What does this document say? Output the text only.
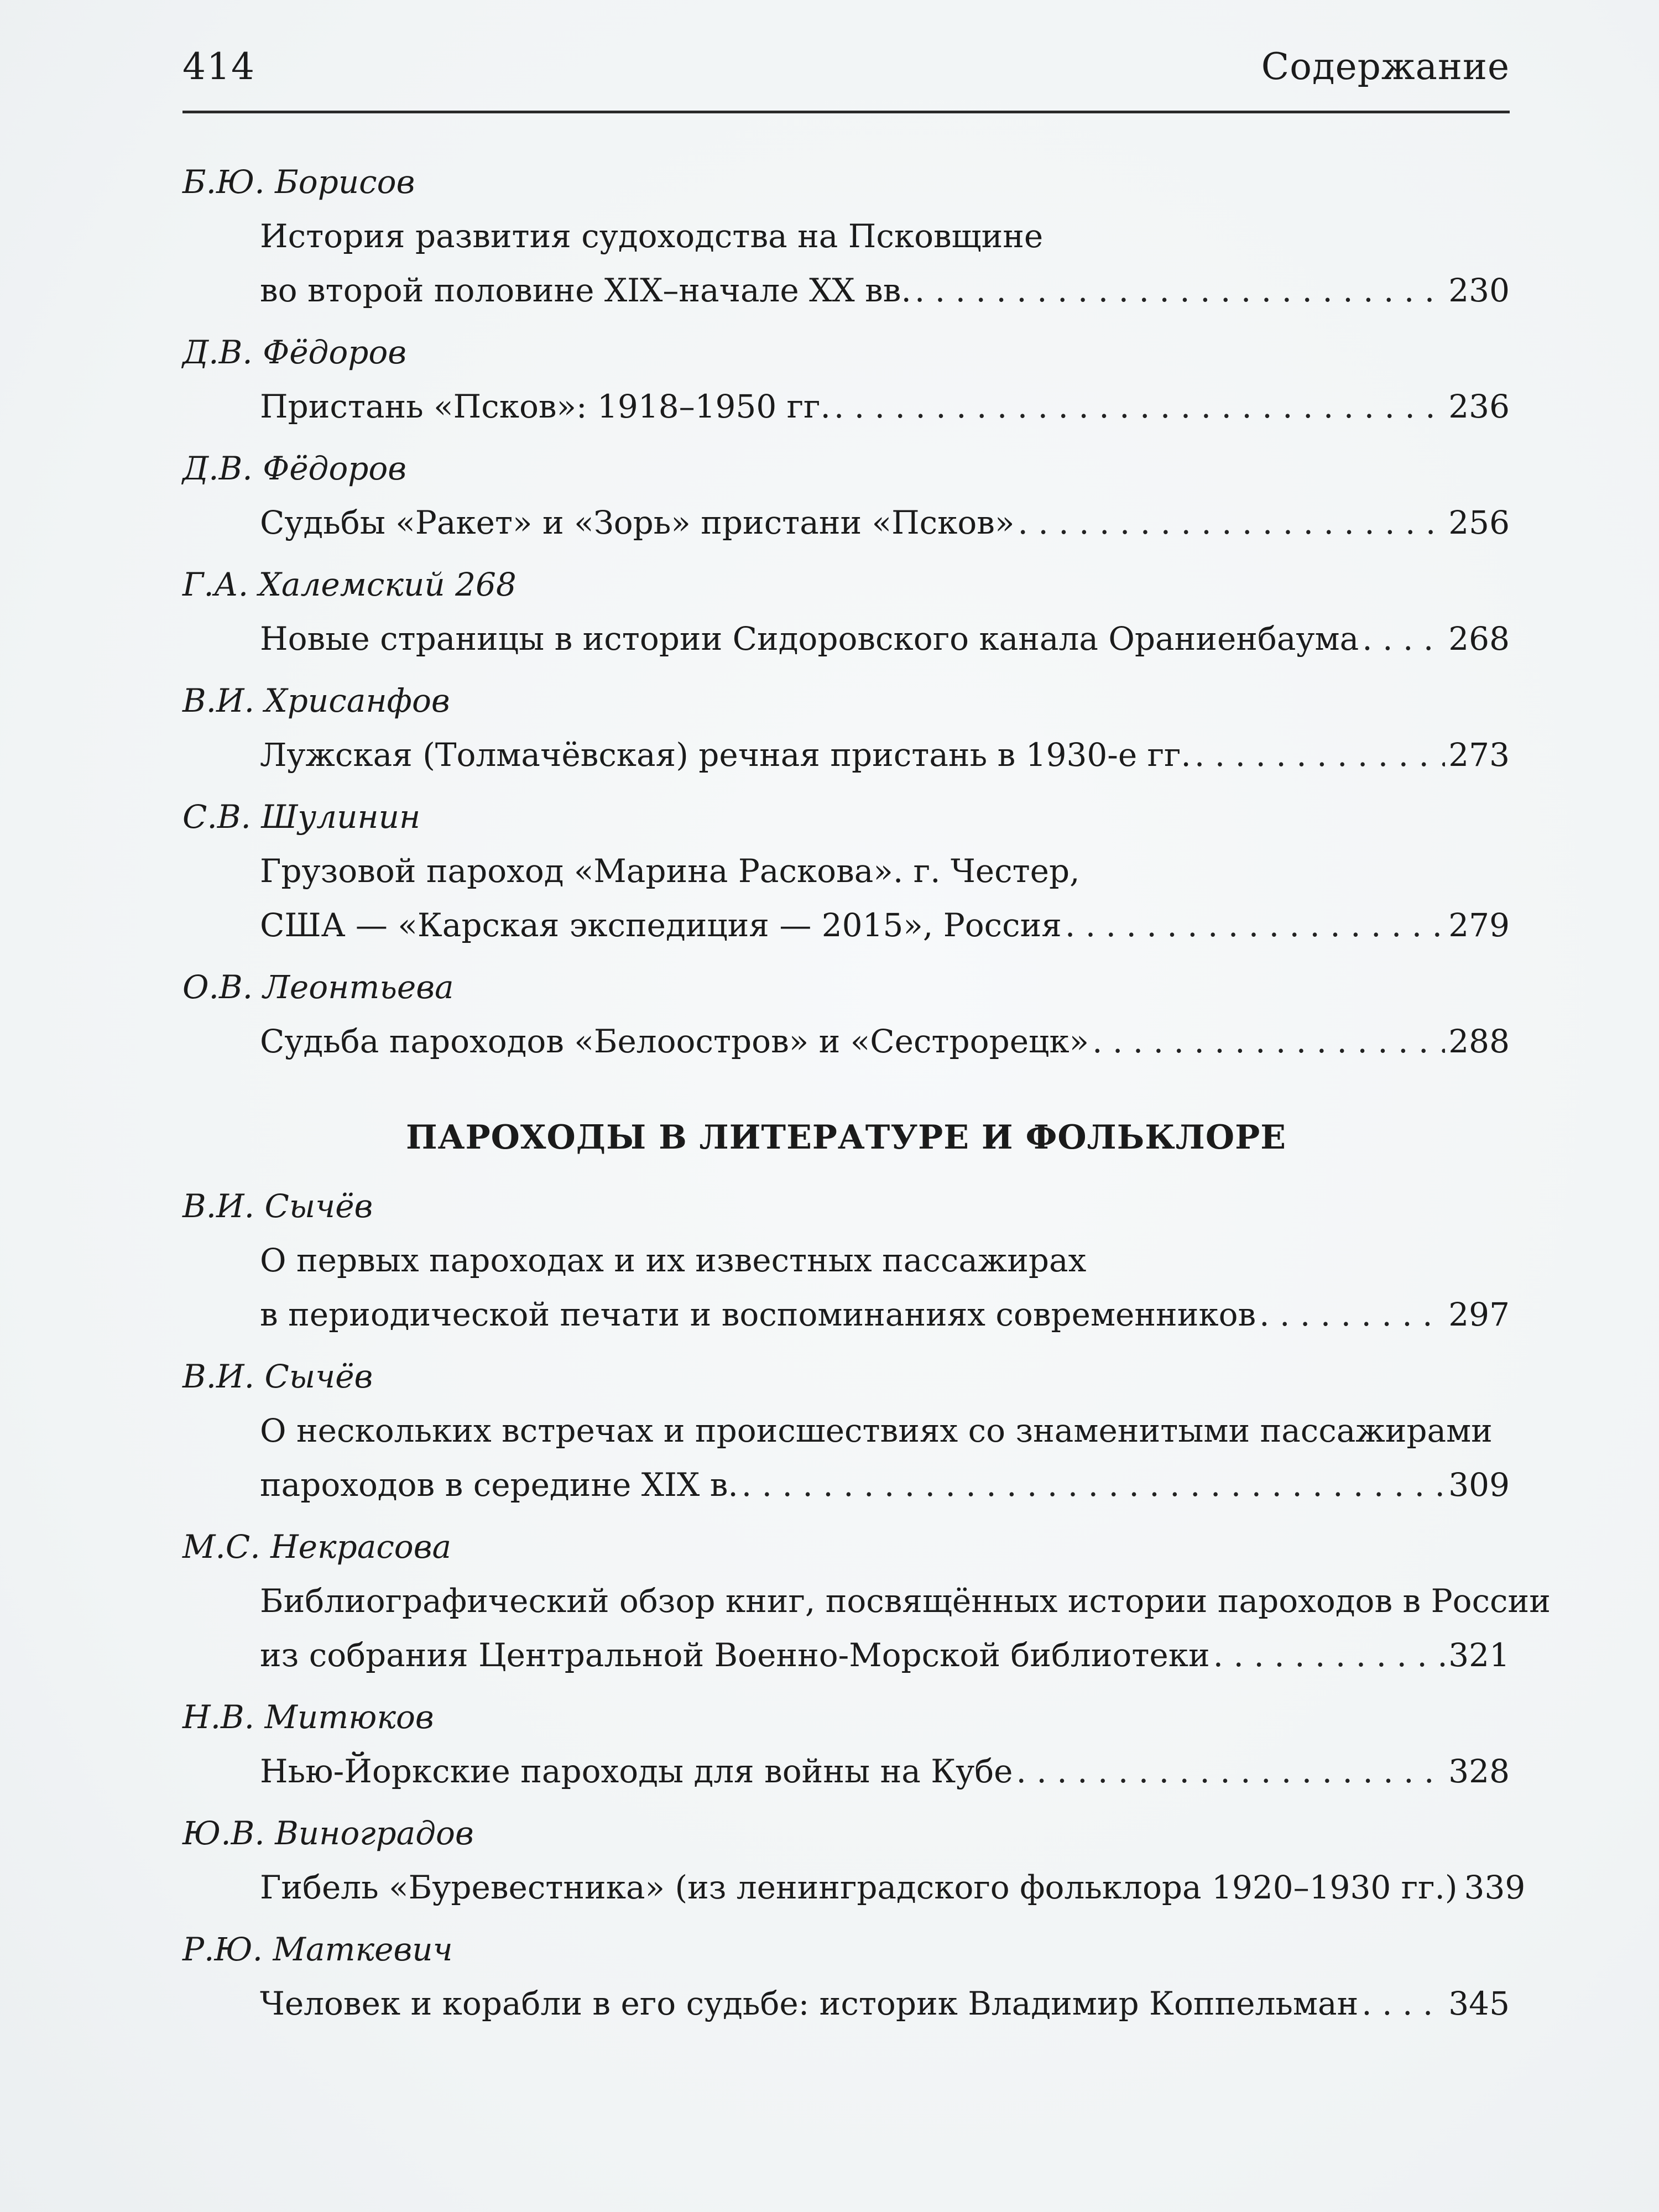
414	Содержание
Б.Ю. Борисов
История развития судоходства на Псковщине
во второй половине XIX–начале XX вв. . . .	230
Д.В. Фёдоров
Пристань «Псков»: 1918–1950 гг. . . .	236
Д.В. Фёдоров
Судьбы «Ракет» и «Зорь» пристани «Псков» . . .	256
Г.А. Халемский 268
Новые страницы в истории Сидоровского канала Ораниенбаума . . .	268
В.И. Хрисанфов
Лужская (Толмачёвская) речная пристань в 1930-е гг. . . .	273
С.В. Шулинин
Грузовой пароход «Марина Раскова». г. Честер,
США — «Карская экспедиция — 2015», Россия . . .	279
О.В. Леонтьева
Судьба пароходов «Белоостров» и «Сестрорецк» . . .	288
ПАРОХОДЫ В ЛИТЕРАТУРЕ И ФОЛЬКЛОРЕ
В.И. Сычёв
О первых пароходах и их известных пассажирах
в периодической печати и воспоминаниях современников . . .	297
В.И. Сычёв
О нескольких встречах и происшествиях со знаменитыми пассажирами
пароходов в середине XIX в. . . .	309
М.С. Некрасова
Библиографический обзор книг, посвящённых истории пароходов в России
из собрания Центральной Военно-Морской библиотеки . . .	321
Н.В. Митюков
Нью-Йоркские пароходы для войны на Кубе . . .	328
Ю.В. Виноградов
Гибель «Буревестника» (из ленинградского фольклора 1920–1930 гг.) 339
Р.Ю. Маткевич
Человек и корабли в его судьбе: историк Владимир Коппельман . . .	345
